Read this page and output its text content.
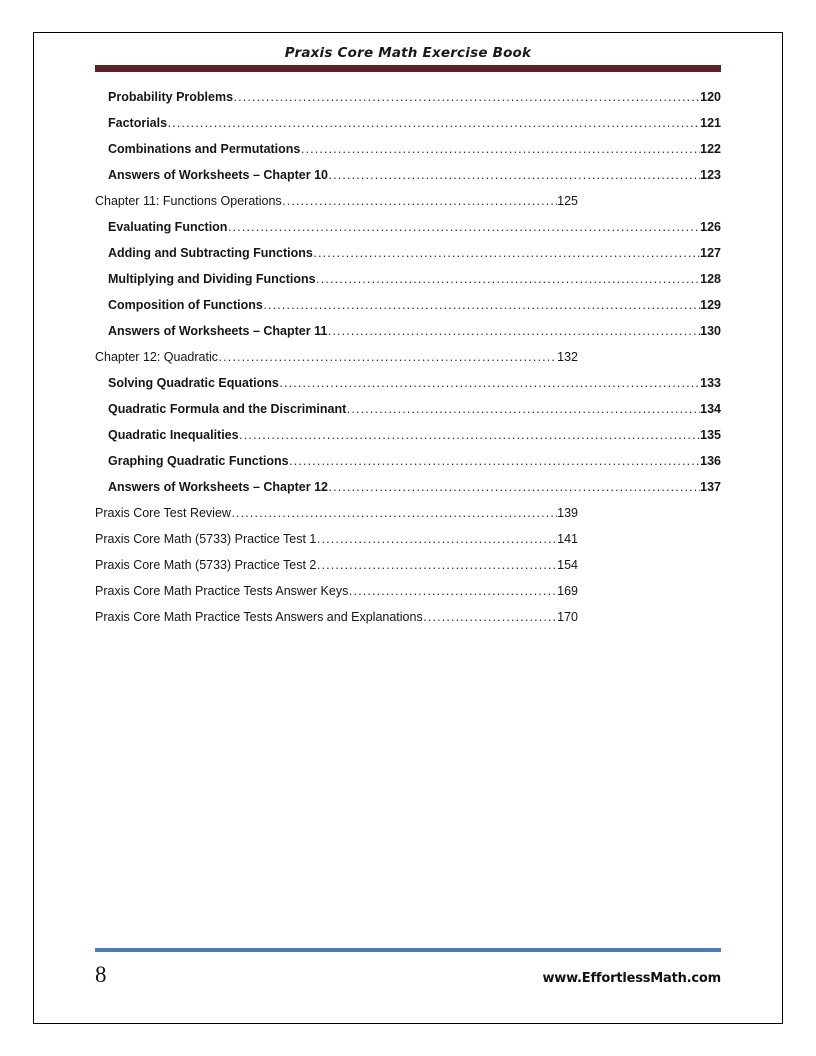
Praxis Core Math Exercise Book
Probability Problems .....	120
Factorials .....	121
Combinations and Permutations .....	122
Answers of Worksheets – Chapter 10 .....	123
Chapter 11: Functions Operations .....	125
Evaluating Function .....	126
Adding and Subtracting Functions .....	127
Multiplying and Dividing Functions .....	128
Composition of Functions .....	129
Answers of Worksheets – Chapter 11 .....	130
Chapter 12: Quadratic .....	132
Solving Quadratic Equations .....	133
Quadratic Formula and the Discriminant .....	134
Quadratic Inequalities .....	135
Graphing Quadratic Functions .....	136
Answers of Worksheets – Chapter 12 .....	137
Praxis Core Test Review .....	139
Praxis Core Math (5733) Practice Test 1 .....	141
Praxis Core Math (5733) Practice Test 2 .....	154
Praxis Core Math Practice Tests Answer Keys .....	169
Praxis Core Math Practice Tests Answers and Explanations .....	170
8	www.EffortlessMath.com
